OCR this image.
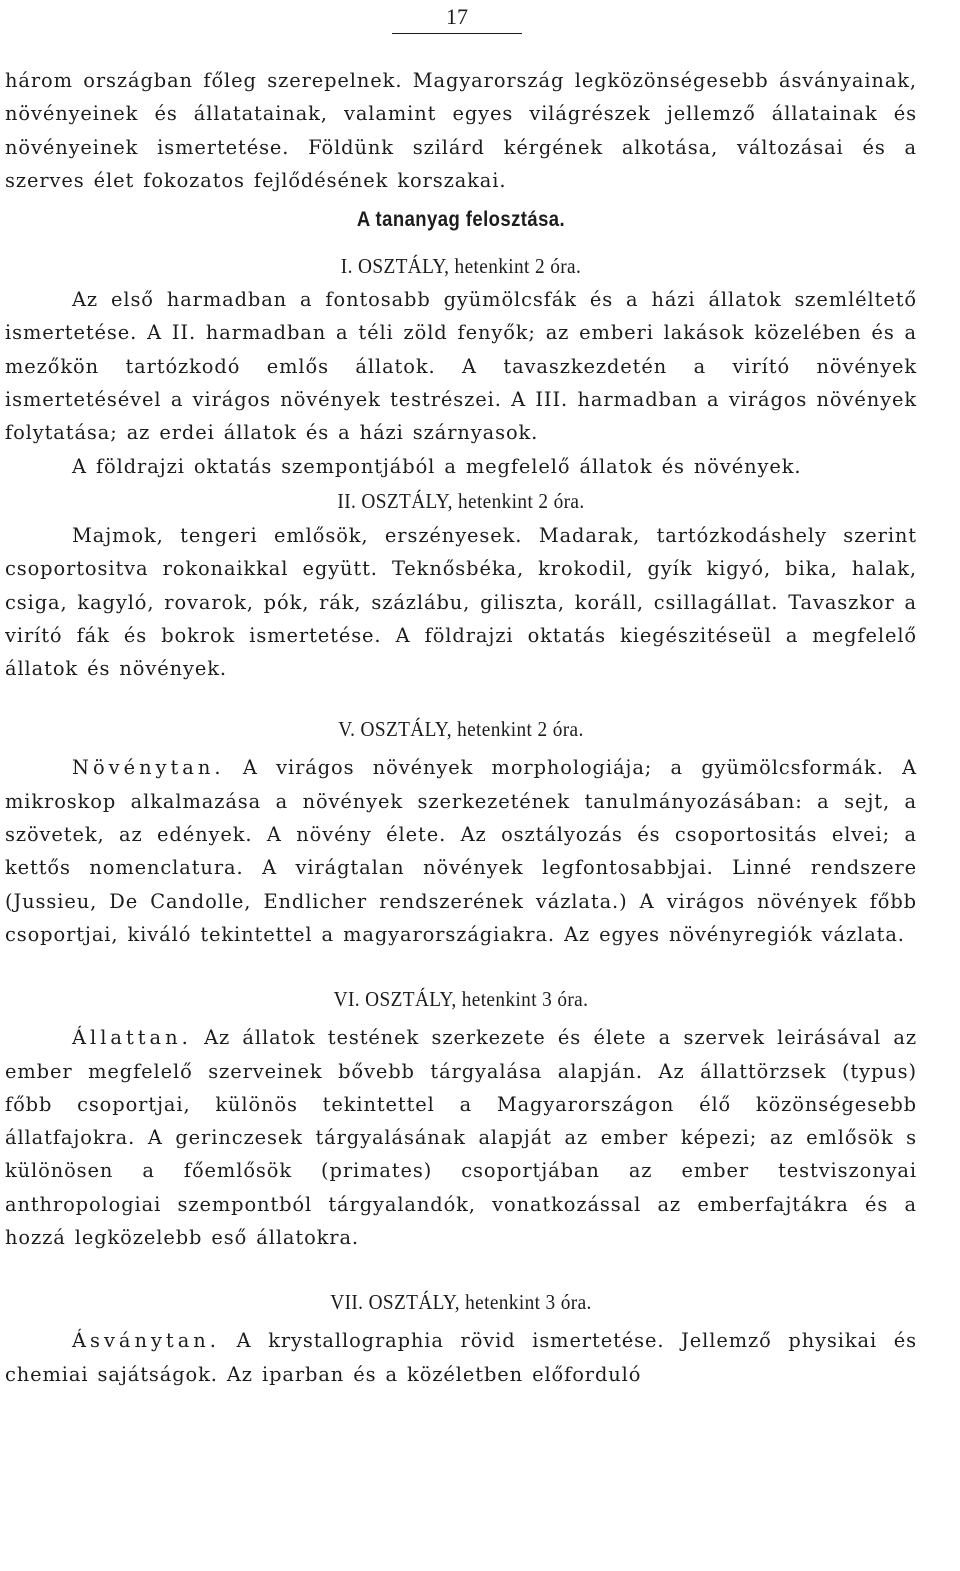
17

három országban főleg szerepelnek. Magyarország legközönségesebb ásványainak, növényeinek és állatatainak, valamint egyes világrészek jellemző állatainak és növényeinek ismertetése. Földünk szilárd kérgének alkotása, változásai és a szerves élet fokozatos fejlődésének korszakai.

A tananyag felosztása.
I. OSZTÁLY, hetenkint 2 óra.

Az első harmadban a fontosabb gyümölcsfák és a házi állatok szemléltető ismertetése. A II. harmadban a téli zöld fenyők; az emberi lakások közelében és a mezőkön tartózkodó emlős állatok. A tavaszkezdetén a virító növények ismertetésével a virágos növények testrészei. A III. harmadban a virágos növények folytatása; az erdei állatok és a házi szárnyasok.

A földrajzi oktatás szempontjából a megfelelő állatok és növények.

II. OSZTÁLY, hetenkint 2 óra.

Majmok, tengeri emlősök, erszényesek. Madarak, tartózkodáshely szerint csoportositva rokonaikkal együtt. Teknősbéka, krokodil, gyík kigyó, bika, halak, csiga, kagyló, rovarok, pók, rák, százlábu, giliszta, koráll, csillagállat. Tavaszkor a virító fák és bokrok ismertetése. A földrajzi oktatás kiegészitéseül a megfelelő állatok és növények.

V. OSZTÁLY, hetenkint 2 óra.

Növénytan. A virágos növények morphologiája; a gyümölcsformák. A mikroskop alkalmazása a növények szerkezetének tanulmányozásában: a sejt, a szövetek, az edények. A növény élete. Az osztályozás és csoportositás elvei; a kettős nomenclatura. A virágtalan növények legfontosabbjai. Linné rendszere (Jussieu, De Candolle, Endlicher rendszerének vázlata.) A virágos növények főbb csoportjai, kiváló tekintettel a magyarországiakra. Az egyes növényregiók vázlata.

VI. OSZTÁLY, hetenkint 3 óra.

Állattan. Az állatok testének szerkezete és élete a szervek leirásával az ember megfelelő szerveinek bővebb tárgyalása alapján. Az állattörzsek (typus) főbb csoportjai, különös tekintettel a Magyarországon élő közönségesebb állatfajokra. A gerinczesek tárgyalásának alapját az ember képezi; az emlősök s különösen a főemlősök (primates) csoportjában az ember testviszonyai anthropologiai szempontból tárgyalandók, vonatkozással az emberfajtákra és a hozzá legközelebb eső állatokra.

VII. OSZTÁLY, hetenkint 3 óra.

Ásványtan. A krystallographia rövid ismertetése. Jellemző physikai és chemiai sajátságok. Az iparban és a közéletben előforduló
